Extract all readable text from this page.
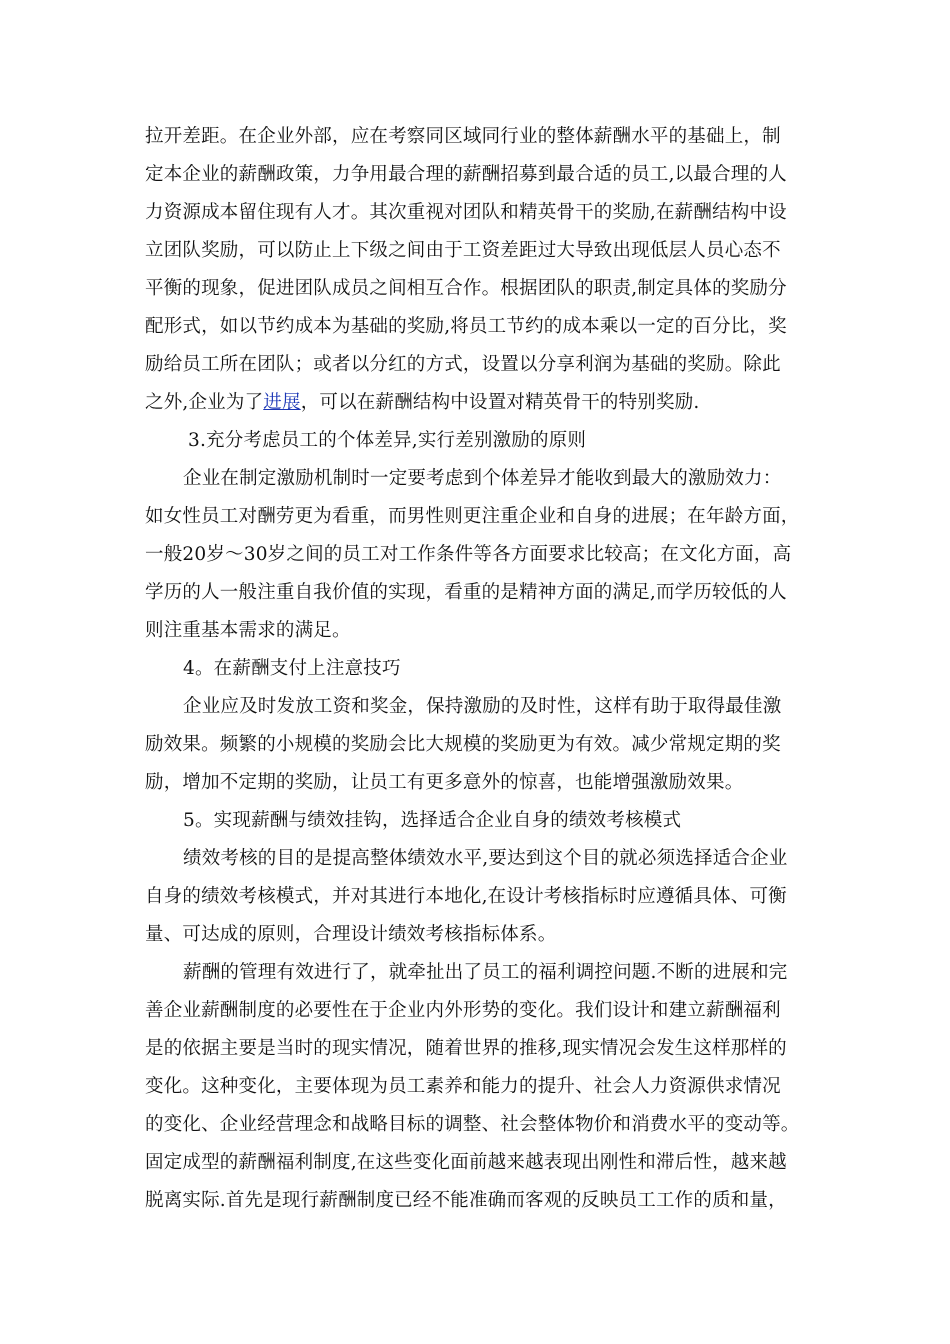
拉开差距。在企业外部，应在考察同区域同行业的整体薪酬水平的基础上，制
定本企业的薪酬政策，力争用最合理的薪酬招募到最合适的员工,以最合理的人
力资源成本留住现有人才。其次重视对团队和精英骨干的奖励,在薪酬结构中设
立团队奖励，可以防止上下级之间由于工资差距过大导致出现低层人员心态不
平衡的现象，促进团队成员之间相互合作。根据团队的职责,制定具体的奖励分
配形式，如以节约成本为基础的奖励,将员工节约的成本乘以一定的百分比，奖
励给员工所在团队；或者以分红的方式，设置以分享利润为基础的奖励。除此
之外,企业为了进展，可以在薪酬结构中设置对精英骨干的特别奖励.
3.充分考虑员工的个体差异,实行差别激励的原则
企业在制定激励机制时一定要考虑到个体差异才能收到最大的激励效力：
如女性员工对酬劳更为看重，而男性则更注重企业和自身的进展；在年龄方面，
一般20岁～30岁之间的员工对工作条件等各方面要求比较高；在文化方面，高
学历的人一般注重自我价值的实现，看重的是精神方面的满足,而学历较低的人
则注重基本需求的满足。
4。在薪酬支付上注意技巧
企业应及时发放工资和奖金，保持激励的及时性，这样有助于取得最佳激
励效果。频繁的小规模的奖励会比大规模的奖励更为有效。减少常规定期的奖
励，增加不定期的奖励，让员工有更多意外的惊喜，也能增强激励效果。
5。实现薪酬与绩效挂钩，选择适合企业自身的绩效考核模式
绩效考核的目的是提高整体绩效水平,要达到这个目的就必须选择适合企业
自身的绩效考核模式，并对其进行本地化,在设计考核指标时应遵循具体、可衡
量、可达成的原则，合理设计绩效考核指标体系。
薪酬的管理有效进行了，就牵扯出了员工的福利调控问题.不断的进展和完
善企业薪酬制度的必要性在于企业内外形势的变化。我们设计和建立薪酬福利
是的依据主要是当时的现实情况，随着世界的推移,现实情况会发生这样那样的
变化。这种变化，主要体现为员工素养和能力的提升、社会人力资源供求情况
的变化、企业经营理念和战略目标的调整、社会整体物价和消费水平的变动等。
固定成型的薪酬福利制度,在这些变化面前越来越表现出刚性和滞后性，越来越
脱离实际.首先是现行薪酬制度已经不能准确而客观的反映员工工作的质和量，
